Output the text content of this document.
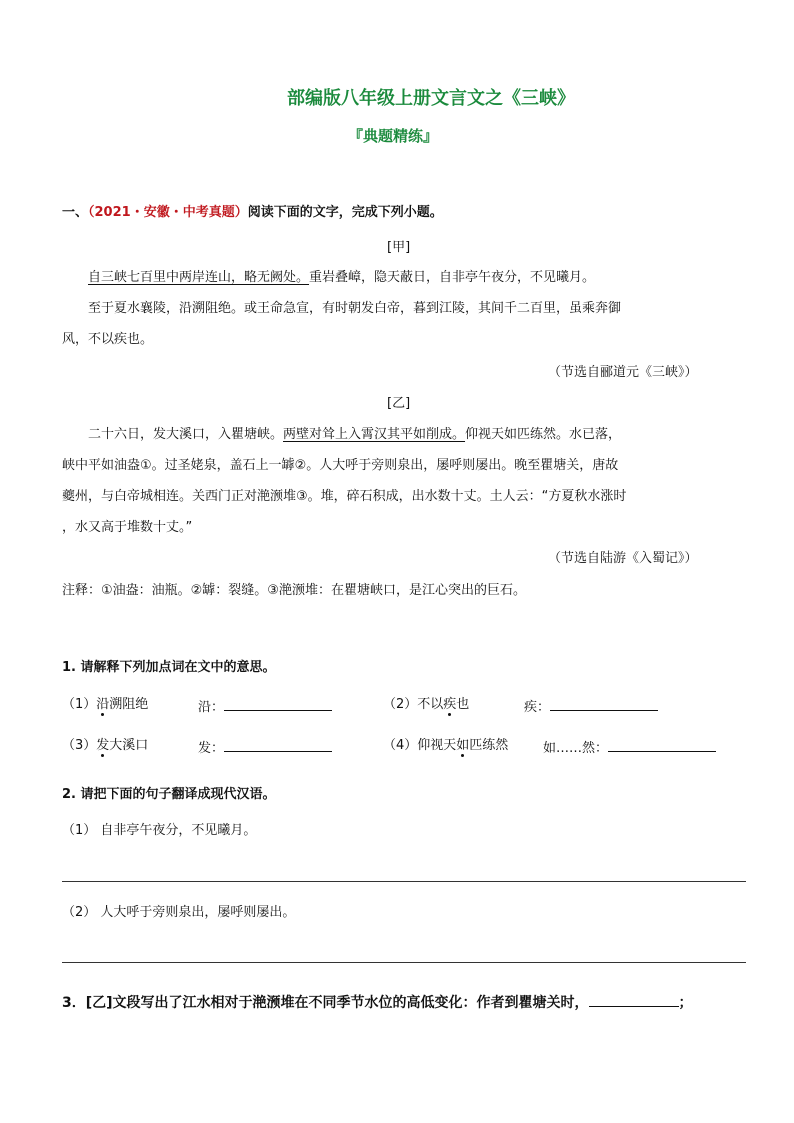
部编版八年级上册文言文之《三峡》
『典题精练』
一、（2021・安徽・中考真题）阅读下面的文字，完成下列小题。
[甲]
自三峡七百里中两岸连山，略无阙处。重岩叠嶂，隐天蔽日，自非亭午夜分，不见曦月。
至于夏水襄陵，沿溯阻绝。或王命急宣，有时朝发白帝，暮到江陵，其间千二百里，虽乘奔御
风，不以疾也。
（节选自郦道元《三峡》）
[乙]
二十六日，发大溪口，入瞿塘峡。两壁对耸上入霄汉其平如削成。仰视天如匹练然。水已落，
峡中平如油盎①。过圣姥泉，盖石上一罅②。人大呼于旁则泉出，屡呼则屡出。晚至瞿塘关，唐故
夔州，与白帝城相连。关西门正对滟滪堆③。堆，碎石积成，出水数十丈。土人云：“方夏秋水涨时
，水又高于堆数十丈。”
（节选自陆游《入蜀记》）
注释：①油盎：油瓶。②罅：裂缝。③滟滪堆：在瞿塘峡口，是江心突出的巨石。
1. 请解释下列加点词在文中的意思。
（1）沿溯阻绝	沿：	（2）不以疾也	疾：
（3）发大溪口	发：	（4）仰视天如匹练然	如……然：
2. 请把下面的句子翻译成现代汉语。
（1） 自非亭午夜分，不见曦月。
（2） 人大呼于旁则泉出，屡呼则屡出。
3．[乙]文段写出了江水相对于滟滪堆在不同季节水位的高低变化：作者到瞿塘关时，	；
